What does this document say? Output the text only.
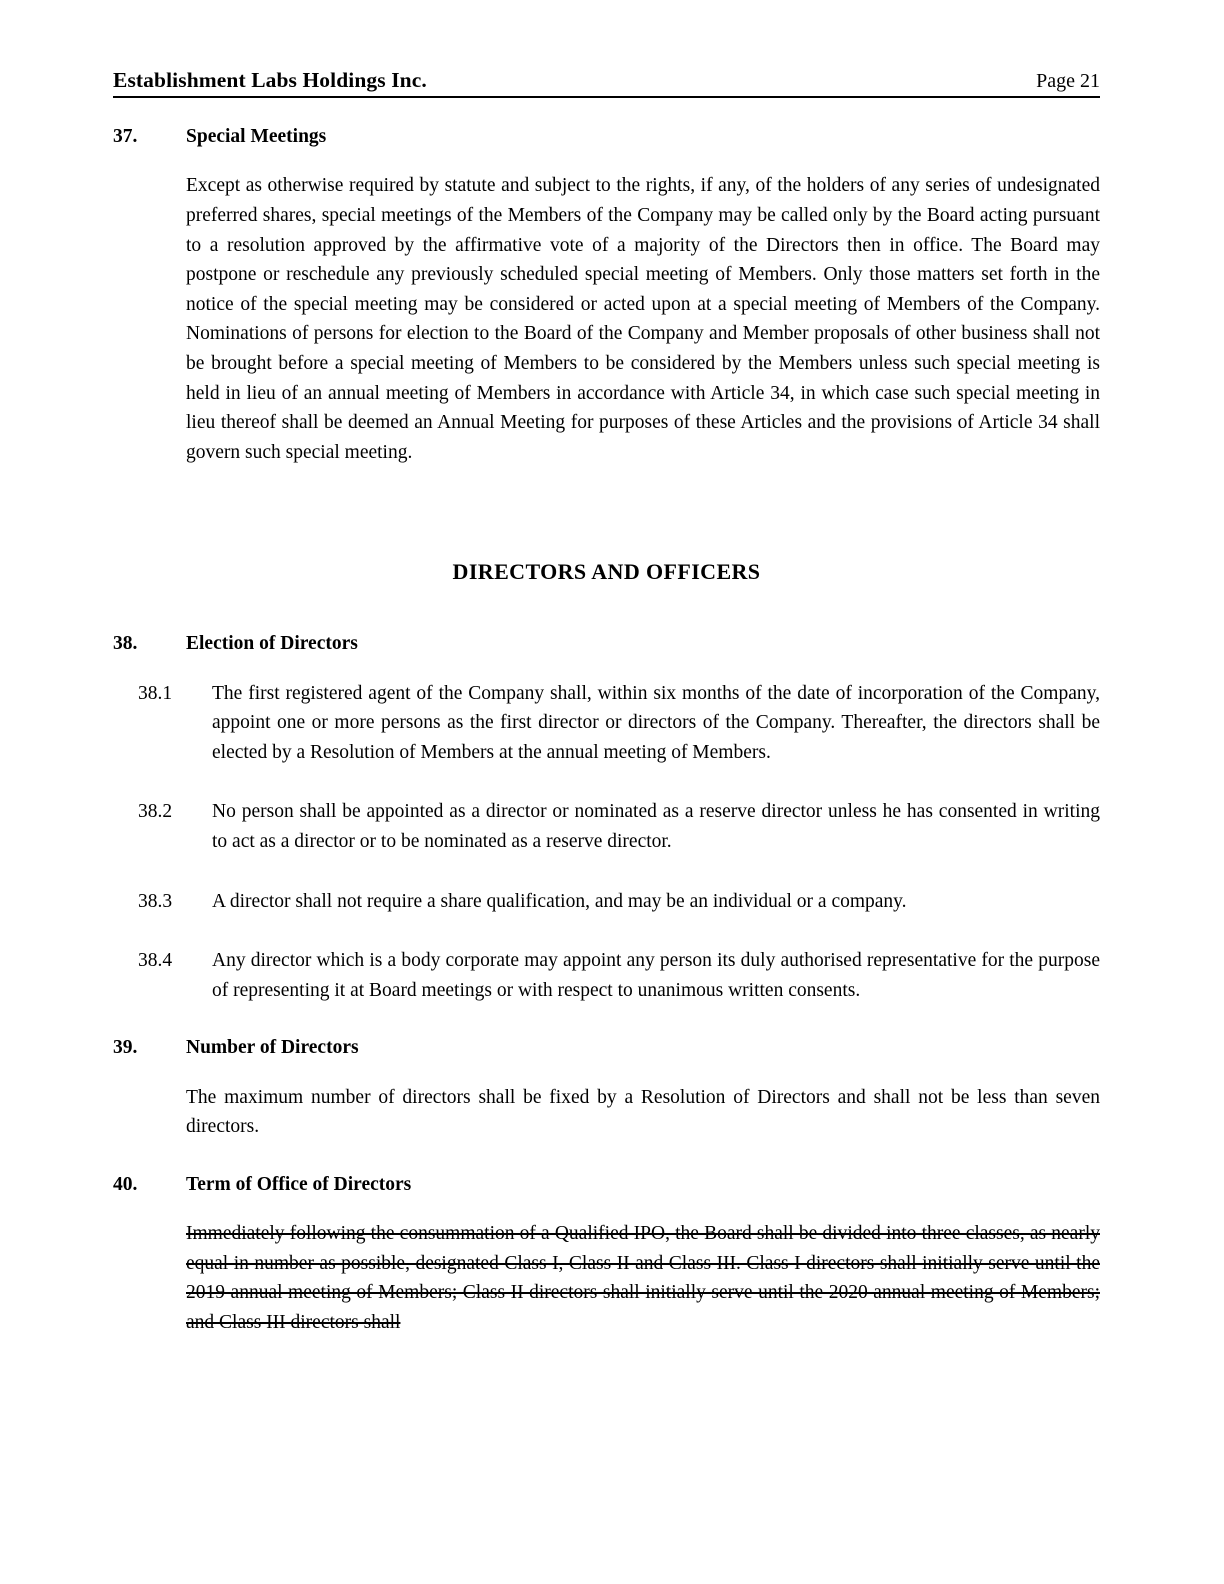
Establishment Labs Holdings Inc.	Page 21
37.	Special Meetings
Except as otherwise required by statute and subject to the rights, if any, of the holders of any series of undesignated preferred shares, special meetings of the Members of the Company may be called only by the Board acting pursuant to a resolution approved by the affirmative vote of a majority of the Directors then in office. The Board may postpone or reschedule any previously scheduled special meeting of Members. Only those matters set forth in the notice of the special meeting may be considered or acted upon at a special meeting of Members of the Company. Nominations of persons for election to the Board of the Company and Member proposals of other business shall not be brought before a special meeting of Members to be considered by the Members unless such special meeting is held in lieu of an annual meeting of Members in accordance with Article 34, in which case such special meeting in lieu thereof shall be deemed an Annual Meeting for purposes of these Articles and the provisions of Article 34 shall govern such special meeting.
DIRECTORS AND OFFICERS
38.	Election of Directors
38.1	The first registered agent of the Company shall, within six months of the date of incorporation of the Company, appoint one or more persons as the first director or directors of the Company. Thereafter, the directors shall be elected by a Resolution of Members at the annual meeting of Members.
38.2	No person shall be appointed as a director or nominated as a reserve director unless he has consented in writing to act as a director or to be nominated as a reserve director.
38.3	A director shall not require a share qualification, and may be an individual or a company.
38.4	Any director which is a body corporate may appoint any person its duly authorised representative for the purpose of representing it at Board meetings or with respect to unanimous written consents.
39.	Number of Directors
The maximum number of directors shall be fixed by a Resolution of Directors and shall not be less than seven directors.
40.	Term of Office of Directors
Immediately following the consummation of a Qualified IPO, the Board shall be divided into three classes, as nearly equal in number as possible, designated Class I, Class II and Class III. Class I directors shall initially serve until the 2019 annual meeting of Members; Class II directors shall initially serve until the 2020 annual meeting of Members; and Class III directors shall
